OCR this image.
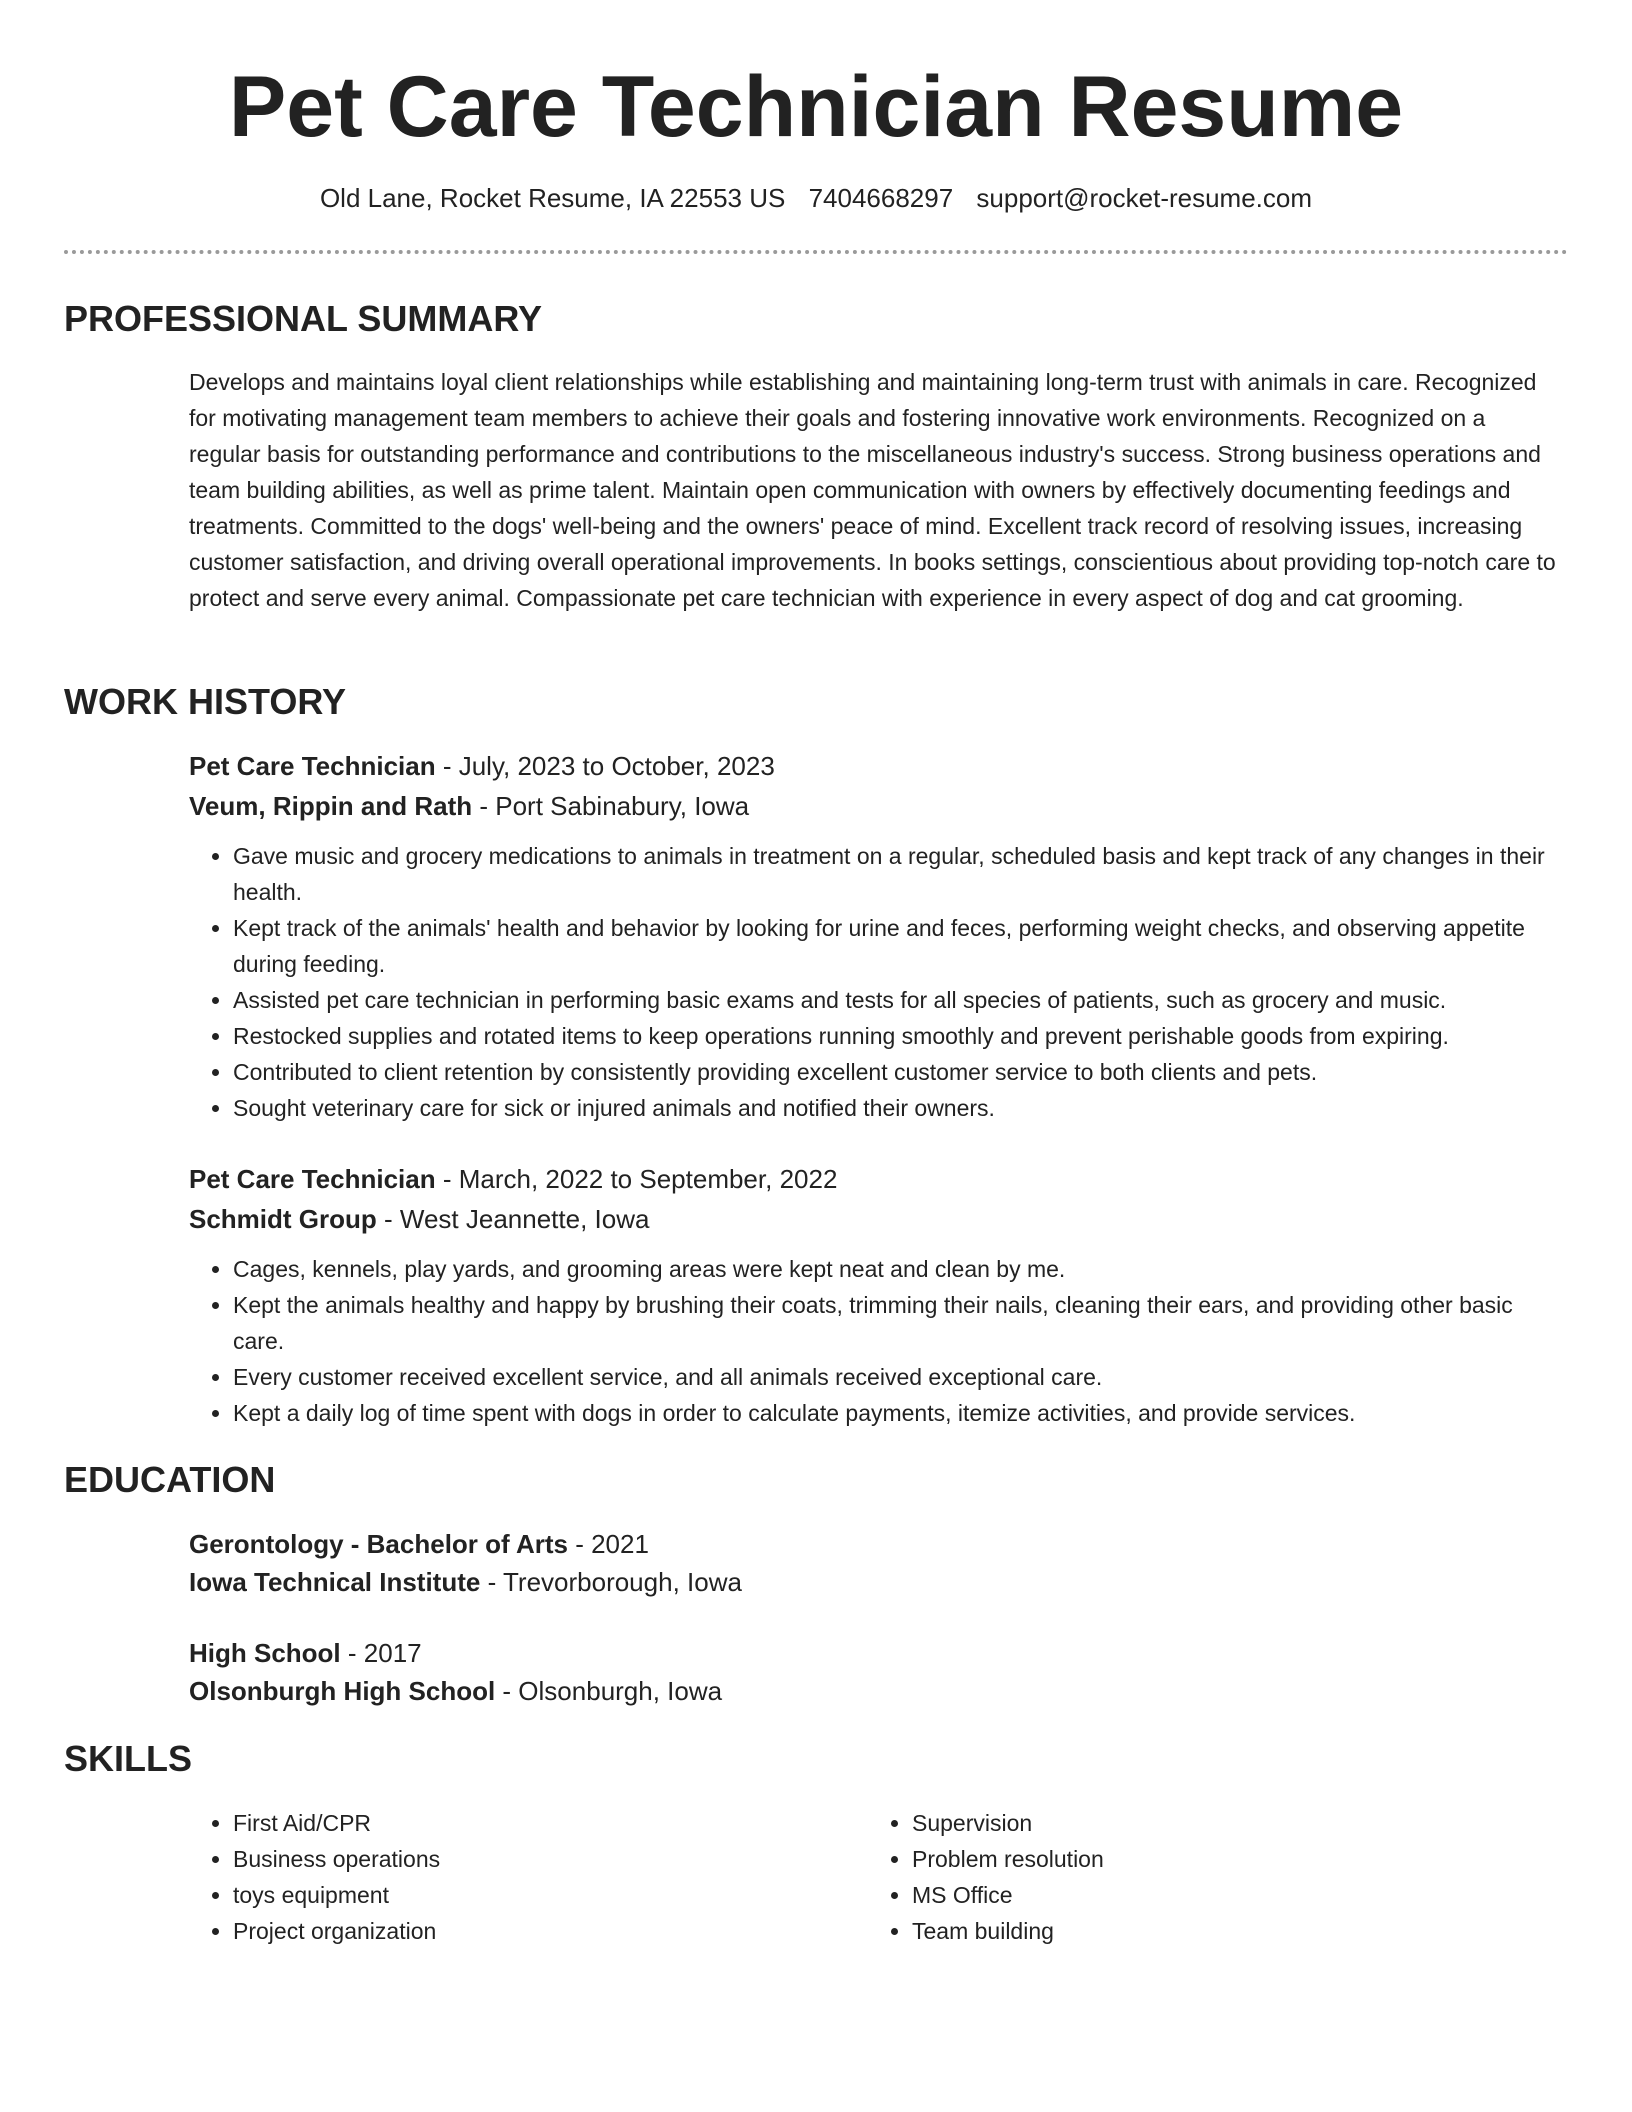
Pet Care Technician Resume
Old Lane, Rocket Resume, IA 22553 US 7404668297 support@rocket-resume.com
PROFESSIONAL SUMMARY

Develops and maintains loyal client relationships while establishing and maintaining long-term trust with animals in care. Recognized for motivating management team members to achieve their goals and fostering innovative work environments. Recognized on a regular basis for outstanding performance and contributions to the miscellaneous industry's success. Strong business operations and team building abilities, as well as prime talent. Maintain open communication with owners by effectively documenting feedings and treatments. Committed to the dogs' well-being and the owners' peace of mind. Excellent track record of resolving issues, increasing customer satisfaction, and driving overall operational improvements. In books settings, conscientious about providing top-notch care to protect and serve every animal. Compassionate pet care technician with experience in every aspect of dog and cat grooming.

WORK HISTORY

Pet Care Technician - July, 2023 to October, 2023

Veum, Rippin and Rath - Port Sabinabury, Iowa

• Gave music and grocery medications to animals in treatment on a regular, scheduled basis and kept track of any changes in their health.
• Kept track of the animals' health and behavior by looking for urine and feces, performing weight checks, and observing appetite during feeding.
• Assisted pet care technician in performing basic exams and tests for all species of patients, such as grocery and music.
• Restocked supplies and rotated items to keep operations running smoothly and prevent perishable goods from expiring.
• Contributed to client retention by consistently providing excellent customer service to both clients and pets.
• Sought veterinary care for sick or injured animals and notified their owners.

Pet Care Technician - March, 2022 to September, 2022

Schmidt Group - West Jeannette, Iowa

• Cages, kennels, play yards, and grooming areas were kept neat and clean by me.
• Kept the animals healthy and happy by brushing their coats, trimming their nails, cleaning their ears, and providing other basic care.
• Every customer received excellent service, and all animals received exceptional care.
• Kept a daily log of time spent with dogs in order to calculate payments, itemize activities, and provide services.
EDUCATION

Gerontology - Bachelor of Arts - 2021

Iowa Technical Institute - Trevorborough, Iowa

High School - 2017

Olsonburgh High School - Olsonburgh, Iowa

SKILLS
• First Aid/CPR
• Business operations
• toys equipment
• Project organization
• Supervision
• Problem resolution
• MS Office
• Team building
